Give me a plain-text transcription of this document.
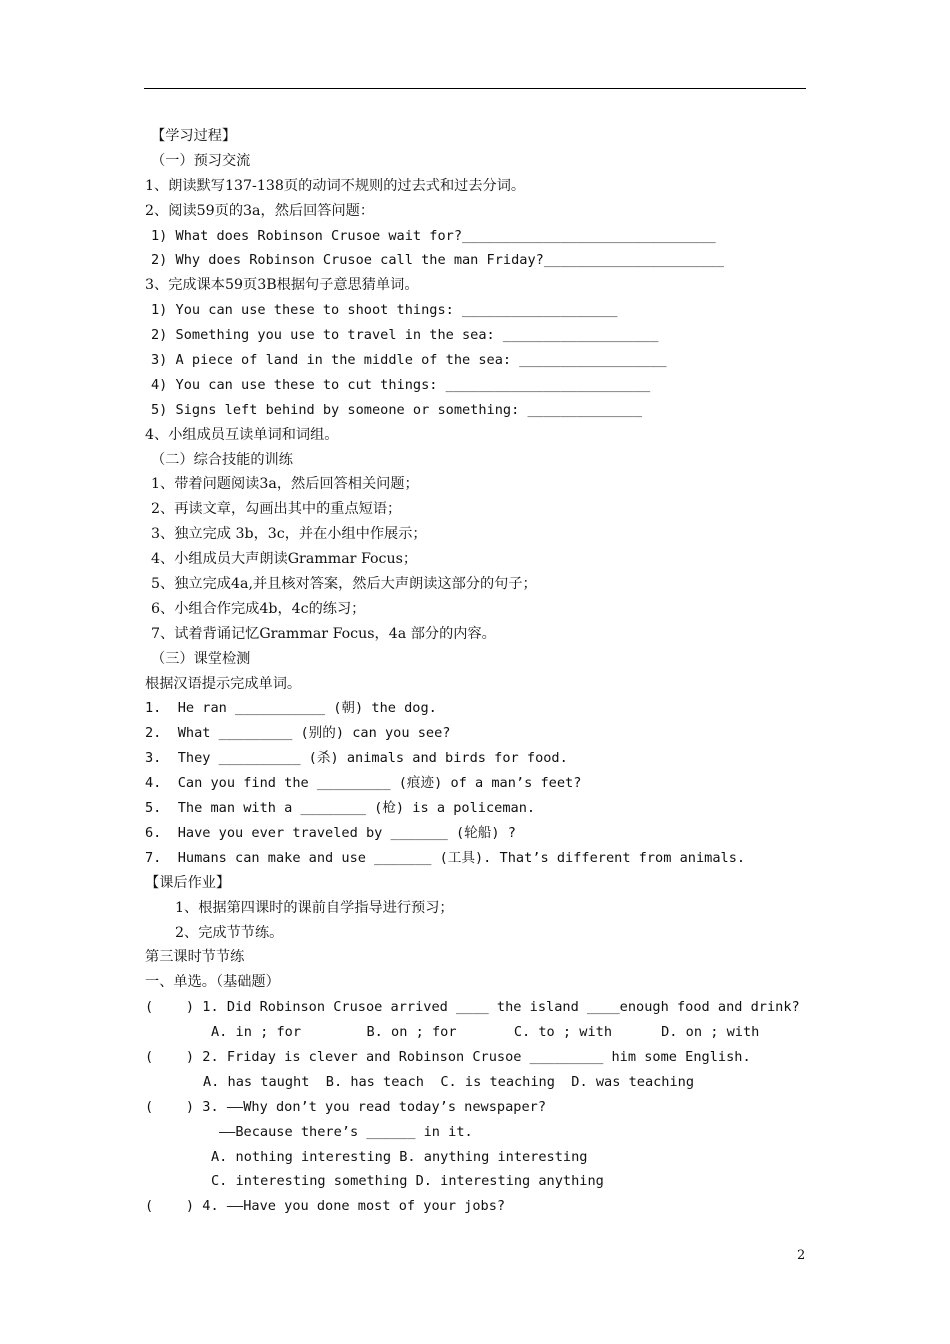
【学习过程】
（一）预习交流
1、朗读默写137-138页的动词不规则的过去式和过去分词。
2、阅读59页的3a，然后回答问题：
1) What does Robinson Crusoe wait for?_______________________________
2) Why does Robinson Crusoe call the man Friday?______________________
3、完成课本59页3B根据句子意思猜单词。
1) You can use these to shoot things: ___________________
2) Something you use to travel in the sea: ___________________
3) A piece of land in the middle of the sea: __________________
4) You can use these to cut things: _________________________
5) Signs left behind by someone or something: ______________
4、小组成员互读单词和词组。
（二）综合技能的训练
1、带着问题阅读3a，然后回答相关问题；
2、再读文章，勾画出其中的重点短语；
3、独立完成 3b，3c，并在小组中作展示；
4、小组成员大声朗读Grammar Focus；
5、独立完成4a,并且核对答案，然后大声朗读这部分的句子；
6、小组合作完成4b，4c的练习；
7、试着背诵记忆Grammar Focus，4a 部分的内容。
（三）课堂检测
根据汉语提示完成单词。
1.  He ran ___________ (朝) the dog.
2.  What _________ (别的) can you see?
3.  They __________ (杀) animals and birds for food.
4.  Can you find the _________ (痕迹) of a man’s feet?
5.  The man with a ________ (枪) is a policeman.
6.  Have you ever traveled by _______ (轮船) ?
7.  Humans can make and use _______ (工具). That’s different from animals.
【课后作业】
1、根据第四课时的课前自学指导进行预习；
2、完成节节练。
第三课时节节练
一、单选。（基础题）
(    ) 1. Did Robinson Crusoe arrived ____ the island ____enough food and drink?
A. in ; for        B. on ; for       C. to ; with      D. on ; with
(    ) 2. Friday is clever and Robinson Crusoe _________ him some English.
A. has taught  B. has teach  C. is teaching  D. was teaching
(    ) 3. ——Why don’t you read today’s newspaper?
——Because there’s ______ in it.
A. nothing interesting B. anything interesting
C. interesting something D. interesting anything
(    ) 4. ——Have you done most of your jobs?
2
